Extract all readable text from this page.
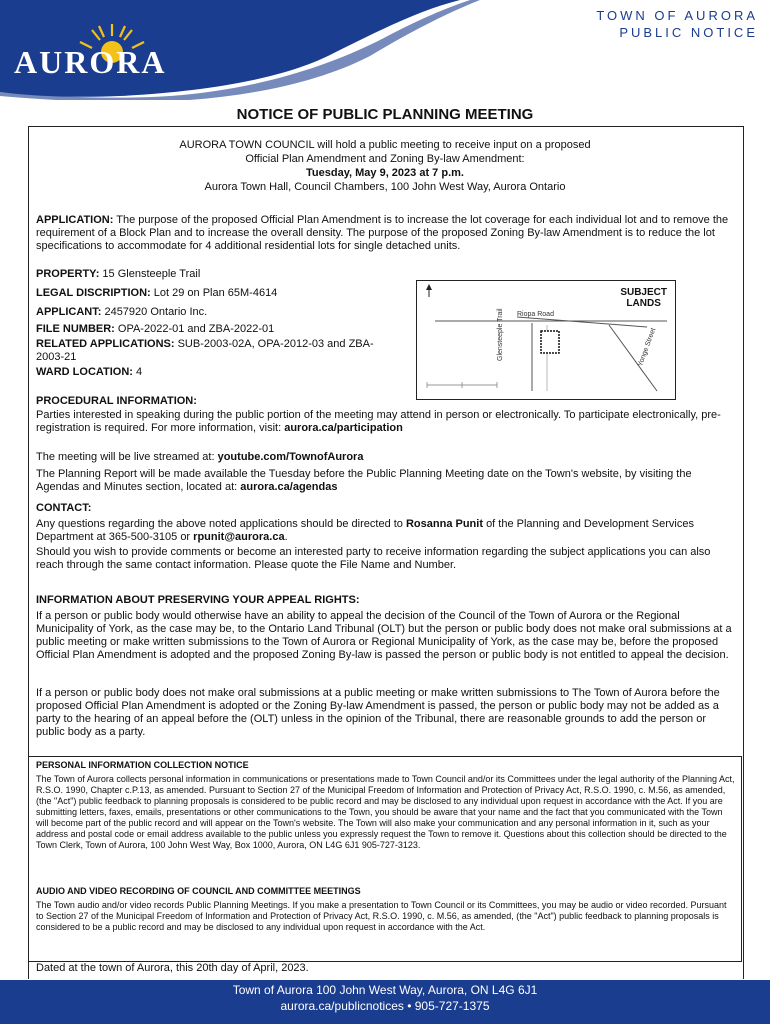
AURORA
TOWN OF AURORA
PUBLIC NOTICE
NOTICE OF PUBLIC PLANNING MEETING
AURORA TOWN COUNCIL will hold a public meeting to receive input on a proposed
Official Plan Amendment and Zoning By-law Amendment:
Tuesday, May 9, 2023 at 7 p.m.
Aurora Town Hall, Council Chambers, 100 John West Way, Aurora Ontario
APPLICATION: The purpose of the proposed Official Plan Amendment is to increase the lot coverage for each individual lot and to remove the requirement of a Block Plan and to increase the overall density. The purpose of the proposed Zoning By-law Amendment is to reduce the lot specifications to accommodate for 4 additional residential lots for single detached units.
PROPERTY: 15 Glensteeple Trail
LEGAL DISCRIPTION: Lot 29 on Plan 65M-4614
APPLICANT: 2457920 Ontario Inc.
FILE NUMBER: OPA-2022-01 and ZBA-2022-01
RELATED APPLICATIONS: SUB-2003-02A, OPA-2012-03 and ZBA-2003-21
WARD LOCATION: 4
SUBJECT
LANDS
Riopa Road
Glensteeple Trail	Yonge Street
PROCEDURAL INFORMATION:
Parties interested in speaking during the public portion of the meeting may attend in person or electronically. To participate electronically, pre-registration is required. For more information, visit: aurora.ca/participation
The meeting will be live streamed at: youtube.com/TownofAurora
The Planning Report will be made available the Tuesday before the Public Planning Meeting date on the Town's website, by visiting the Agendas and Minutes section, located at: aurora.ca/agendas
CONTACT:
Any questions regarding the above noted applications should be directed to Rosanna Punit of the Planning and Development Services Department at 365-500-3105 or rpunit@aurora.ca.
Should you wish to provide comments or become an interested party to receive information regarding the subject applications you can also reach through the same contact information. Please quote the File Name and Number.
INFORMATION ABOUT PRESERVING YOUR APPEAL RIGHTS:
If a person or public body would otherwise have an ability to appeal the decision of the Council of the Town of Aurora or the Regional Municipality of York, as the case may be, to the Ontario Land Tribunal (OLT) but the person or public body does not make oral submissions at a public meeting or make written submissions to the Town of Aurora or Regional Municipality of York, as the case may be, before the proposed Official Plan Amendment is adopted and the proposed Zoning By-law is passed the person or public body is not entitled to appeal the decision.
If a person or public body does not make oral submissions at a public meeting or make written submissions to The Town of Aurora before the proposed Official Plan Amendment is adopted or the Zoning By-law Amendment is passed, the person or public body may not be added as a party to the hearing of an appeal before the (OLT) unless in the opinion of the Tribunal, there are reasonable grounds to add the person or public body as a party.
PERSONAL INFORMATION COLLECTION NOTICE
The Town of Aurora collects personal information in communications or presentations made to Town Council and/or its Committees under the legal authority of the Planning Act, R.S.O. 1990, Chapter c.P.13, as amended. Pursuant to Section 27 of the Municipal Freedom of Information and Protection of Privacy Act, R.S.O. 1990, c. M.56, as amended, (the "Act") public feedback to planning proposals is considered to be public record and may be disclosed to any individual upon request in accordance with the Act. If you are submitting letters, faxes, emails, presentations or other communications to the Town, you should be aware that your name and the fact that you communicated with the Town will become part of the public record and will appear on the Town's website. The Town will also make your communication and any personal information in it, such as your address and postal code or email address available to the public unless you expressly request the Town to remove it. Questions about this collection should be directed to the Town Clerk, Town of Aurora, 100 John West Way, Box 1000, Aurora, ON L4G 6J1 905-727-3123.
AUDIO AND VIDEO RECORDING OF COUNCIL AND COMMITTEE MEETINGS
The Town audio and/or video records Public Planning Meetings. If you make a presentation to Town Council or its Committees, you may be audio or video recorded. Pursuant to Section 27 of the Municipal Freedom of Information and Protection of Privacy Act, R.S.O. 1990, c. M.56, as amended, (the "Act") public feedback to planning proposals is considered to be a public record and may be disclosed to any individual upon request in accordance with the Act.
Dated at the town of Aurora, this 20th day of April, 2023.
Town of Aurora 100 John West Way, Aurora, ON L4G 6J1
aurora.ca/publicnotices • 905-727-1375
